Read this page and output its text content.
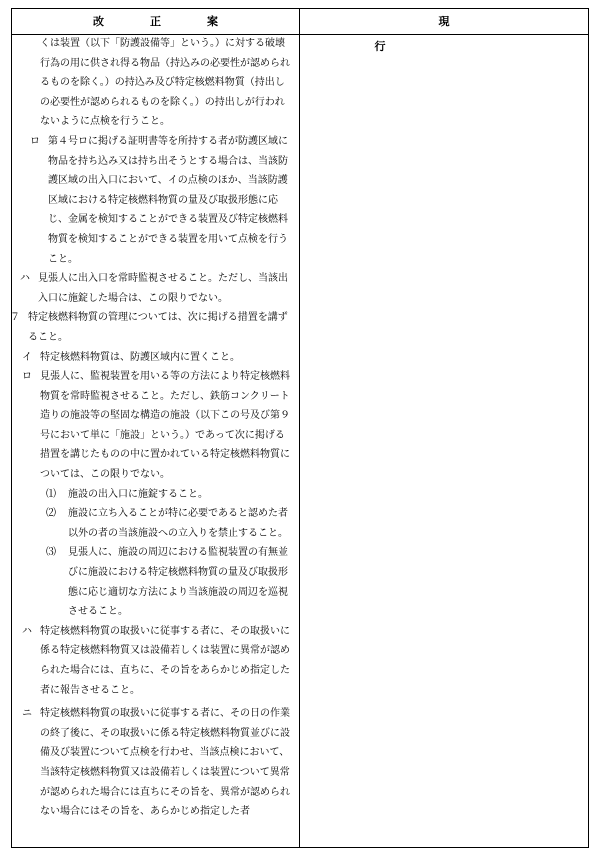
改正案	現行

くは装置（以下「防護設備等」という。）に対する破壊行為の用に供され得る物品（持込みの必要性が認められるものを除く。）の持込み及び特定核燃料物質（持出しの必要性が認められるものを除く。）の持出しが行われないように点検を行うこと。

ロ 第４号ロに掲げる証明書等を所持する者が防護区域に物品を持ち込み又は持ち出そうとする場合は、当該防護区域の出入口において、イの点検のほか、当該防護区域における特定核燃料物質の量及び取扱形態に応じ、金属を検知することができる装置及び特定核燃料物質を検知することができる装置を用いて点検を行うこと。

ハ 見張人に出入口を常時監視させること。ただし、当該出入口に施錠した場合は、この限りでない。

７ 特定核燃料物質の管理については、次に掲げる措置を講ずること。

イ 特定核燃料物質は、防護区域内に置くこと。

ロ 見張人に、監視装置を用いる等の方法により特定核燃料物質を常時監視させること。ただし、鉄筋コンクリート造りの施設等の堅固な構造の施設（以下この号及び第９号において単に「施設」という。）であって次に掲げる措置を講じたものの中に置かれている特定核燃料物質については、この限りでない。

⑴ 施設の出入口に施錠すること。

⑵ 施設に立ち入ることが特に必要であると認めた者以外の者の当該施設への立入りを禁止すること。

⑶ 見張人に、施設の周辺における監視装置の有無並びに施設における特定核燃料物質の量及び取扱形態に応じ適切な方法により当該施設の周辺を巡視させること。

ハ 特定核燃料物質の取扱いに従事する者に、その取扱いに係る特定核燃料物質又は設備若しくは装置に異常が認められた場合には、直ちに、その旨をあらかじめ指定した者に報告させること。

ニ 特定核燃料物質の取扱いに従事する者に、その日の作業の終了後に、その取扱いに係る特定核燃料物質並びに設備及び装置について点検を行わせ、当該点検において、当該特定核燃料物質又は設備若しくは装置について異常が認められた場合には直ちにその旨を、異常が認められない場合にはその旨を、あらかじめ指定した者
